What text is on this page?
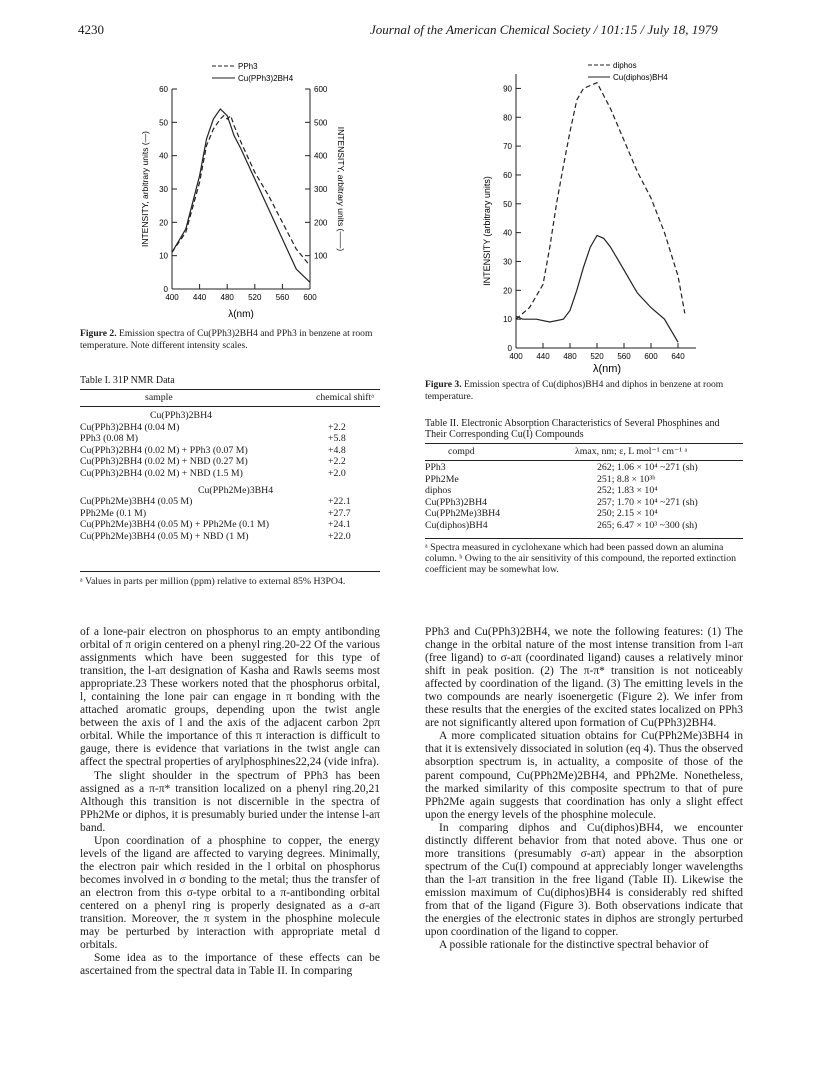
4230	Journal of the American Chemical Society / 101:15 / July 18, 1979
0
10
20
30
40
50
60
100
200
300
400
500
600
400 440 480 520 560 600
PPh3
Cu(PPh3)2BH4
λ(nm)
INTENSITY, arbitrary units (—)	INTENSITY, arbitrary units (——)
Figure 2. Emission spectra of Cu(PPh3)2BH4 and PPh3 in benzene at room temperature. Note different intensity scales.	0
10
20
30
40
50
60
70
80
90
400 440 480 520 560 600 640
diphos
Cu(diphos)BH4
λ(nm)
INTENSITY (arbitrary units)
Figure 3. Emission spectra of Cu(diphos)BH4 and diphos in benzene at room temperature.
Table I. 31P NMR Data
sample	chemical shiftᵃ
Cu(PPh3)2BH4
Cu(PPh3)2BH4 (0.04 M)	+2.2
PPh3 (0.08 M)	+5.8
Cu(PPh3)2BH4 (0.02 M) + PPh3 (0.07 M)	+4.8
Cu(PPh3)2BH4 (0.02 M) + NBD (0.27 M)	+2.2
Cu(PPh3)2BH4 (0.02 M) + NBD (1.5 M)	+2.0
Cu(PPh2Me)3BH4
Cu(PPh2Me)3BH4 (0.05 M)	+22.1
PPh2Me (0.1 M)	+27.7
Cu(PPh2Me)3BH4 (0.05 M) + PPh2Me (0.1 M)	+24.1
Cu(PPh2Me)3BH4 (0.05 M) + NBD (1 M)	+22.0
ᵃ Values in parts per million (ppm) relative to external 85% H3PO4.
Table II. Electronic Absorption Characteristics of Several Phosphines and Their Corresponding Cu(I) Compounds
compd	λmax, nm; ε, L mol⁻¹ cm⁻¹ ᵃ
PPh3	262; 1.06 × 10⁴ ~271 (sh)
PPh2Me	251; 8.8 × 10³ᵇ
diphos	252; 1.83 × 10⁴
Cu(PPh3)2BH4	257; 1.70 × 10⁴ ~271 (sh)
Cu(PPh2Me)3BH4	250; 2.15 × 10⁴
Cu(diphos)BH4	265; 6.47 × 10³ ~300 (sh)
ᵃ Spectra measured in cyclohexane which had been passed down an alumina column. ᵇ Owing to the air sensitivity of this compound, the reported extinction coefficient may be somewhat low.

of a lone-pair electron on phosphorus to an empty antibonding orbital of π origin centered on a phenyl ring.20-22 Of the various assignments which have been suggested for this type of transition, the l-aπ designation of Kasha and Rawls seems most appropriate.23 These workers noted that the phosphorus orbital, l, containing the lone pair can engage in π bonding with the attached aromatic groups, depending upon the twist angle between the axis of l and the axis of the adjacent carbon 2pπ orbital. While the importance of this π interaction is difficult to gauge, there is evidence that variations in the twist angle can affect the spectral properties of arylphosphines22,24 (vide infra).

The slight shoulder in the spectrum of PPh3 has been assigned as a π-π* transition localized on a phenyl ring.20,21 Although this transition is not discernible in the spectra of PPh2Me or diphos, it is presumably buried under the intense l-aπ band.

Upon coordination of a phosphine to copper, the energy levels of the ligand are affected to varying degrees. Minimally, the electron pair which resided in the l orbital on phosphorus becomes involved in σ bonding to the metal; thus the transfer of an electron from this σ-type orbital to a π-antibonding orbital centered on a phenyl ring is properly designated as a σ-aπ transition. Moreover, the π system in the phosphine molecule may be perturbed by interaction with appropriate metal d orbitals.

Some idea as to the importance of these effects can be ascertained from the spectral data in Table II. In comparing

PPh3 and Cu(PPh3)2BH4, we note the following features: (1) The change in the orbital nature of the most intense transition from l-aπ (free ligand) to σ-aπ (coordinated ligand) causes a relatively minor shift in peak position. (2) The π-π* transition is not noticeably affected by coordination of the ligand. (3) The emitting levels in the two compounds are nearly isoenergetic (Figure 2). We infer from these results that the energies of the excited states localized on PPh3 are not significantly altered upon formation of Cu(PPh3)2BH4.

A more complicated situation obtains for Cu(PPh2Me)3BH4 in that it is extensively dissociated in solution (eq 4). Thus the observed absorption spectrum is, in actuality, a composite of those of the parent compound, Cu(PPh2Me)2BH4, and PPh2Me. Nonetheless, the marked similarity of this composite spectrum to that of pure PPh2Me again suggests that coordination has only a slight effect upon the energy levels of the phosphine molecule.

In comparing diphos and Cu(diphos)BH4, we encounter distinctly different behavior from that noted above. Thus one or more transitions (presumably σ-aπ) appear in the absorption spectrum of the Cu(I) compound at appreciably longer wavelengths than the l-aπ transition in the free ligand (Table II). Likewise the emission maximum of Cu(diphos)BH4 is considerably red shifted from that of the ligand (Figure 3). Both observations indicate that the energies of the electronic states in diphos are strongly perturbed upon coordination of the ligand to copper.

A possible rationale for the distinctive spectral behavior of
